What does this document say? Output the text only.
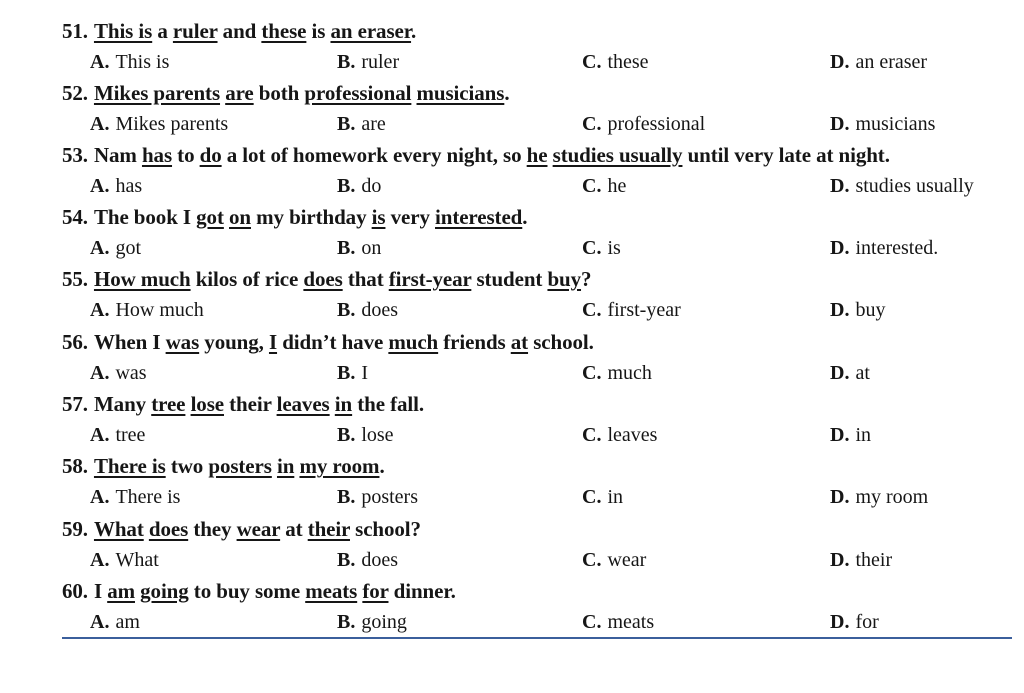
51. This is a ruler and these is an eraser.
A. This is	B. ruler	C. these	D. an eraser
52. Mikes parents are both professional musicians.
A. Mikes parents	B. are	C. professional	D. musicians
53. Nam has to do a lot of homework every night, so he studies usually until very late at night.
A. has	B. do	C. he	D. studies usually
54. The book I got on my birthday is very interested.
A. got	B. on	C. is	D. interested.
55. How much kilos of rice does that first-year student buy?
A. How much	B. does	C. first-year	D. buy
56. When I was young, I didn’t have much friends at school.
A. was	B. I	C. much	D. at
57. Many tree lose their leaves in the fall.
A. tree	B. lose	C. leaves	D. in
58. There is two posters in my room.
A. There is	B. posters	C. in	D. my room
59. What does they wear at their school?
A. What	B. does	C. wear	D. their
60. I am going to buy some meats for dinner.
A. am	B. going	C. meats	D. for
